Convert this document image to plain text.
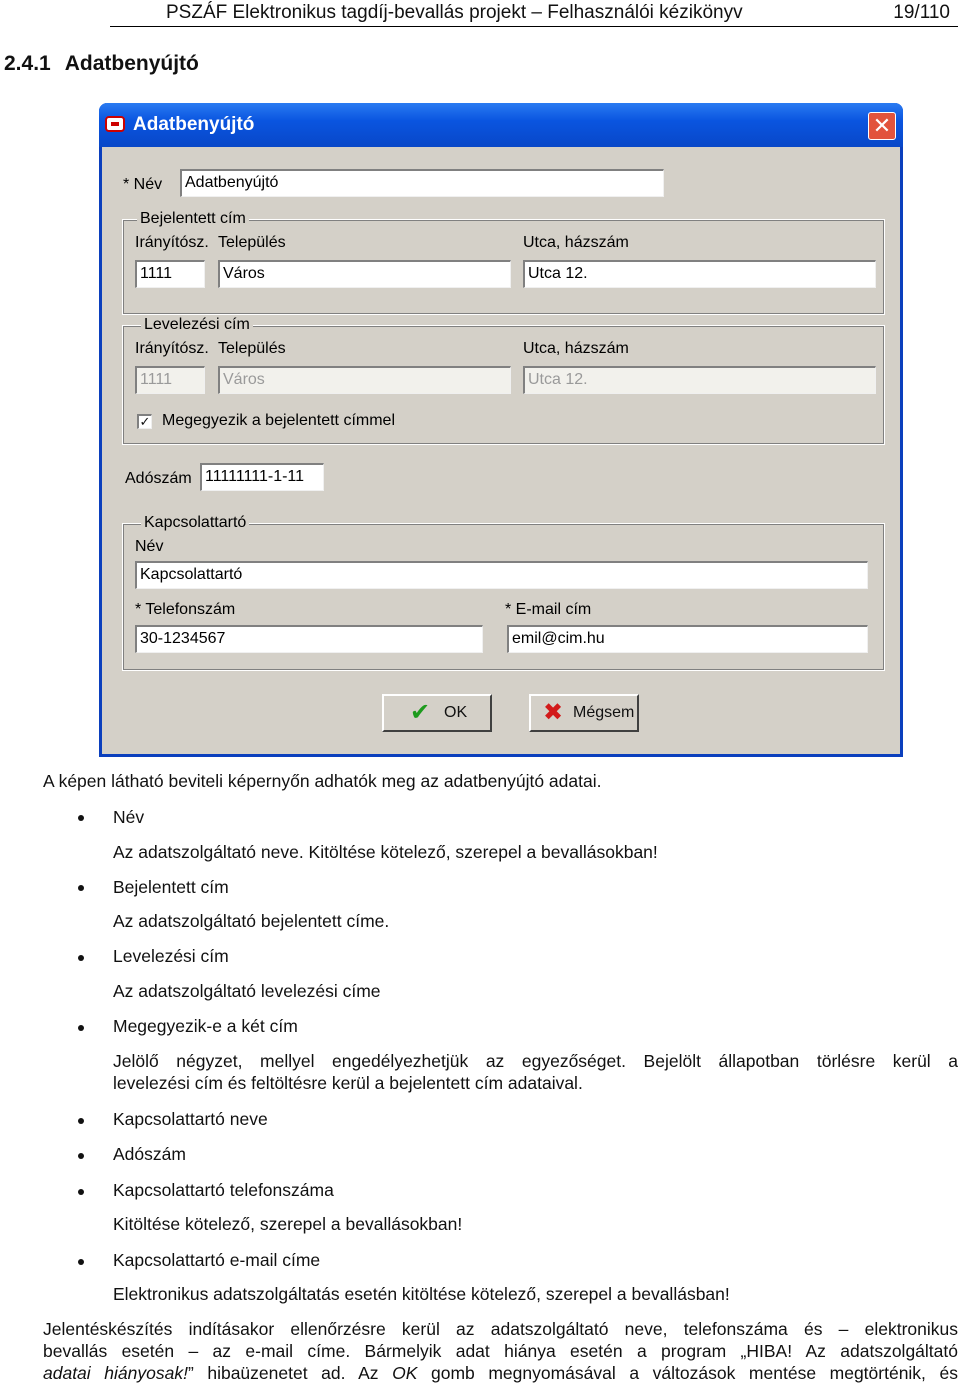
PSZÁF Elektronikus tagdíj-bevallás projekt – Felhasználói kézikönyv	19/110
2.4.1 Adatbenyújtó
Adatbenyújtó	✕
* Név	Adatbenyújtó
Bejelentett cím
Irányítósz. Település	Utca, házszám
1111	Város	Utca 12.
Levelezési cím
Irányítósz. Település	Utca, házszám
1111	Város	Utca 12.
✓ Megegyezik a bejelentett címmel
Adószám 11111111-1-11
Kapcsolattartó
Név
Kapcsolattartó
* Telefonszám	* E-mail cím
30-1234567	emil@cim.hu
✔ OK	✖ Mégsem
A képen látható beviteli képernyőn adhatók meg az adatbenyújtó adatai.
Név
Az adatszolgáltató neve. Kitöltése kötelező, szerepel a bevallásokban!
Bejelentett cím
Az adatszolgáltató bejelentett címe.
Levelezési cím
Az adatszolgáltató levelezési címe
Megegyezik-e a két cím
Jelölő négyzet, mellyel engedélyezhetjük az egyezőséget. Bejelölt állapotban törlésre kerül a
levelezési cím és feltöltésre kerül a bejelentett cím adataival.
Kapcsolattartó neve
Adószám
Kapcsolattartó telefonszáma
Kitöltése kötelező, szerepel a bevallásokban!
Kapcsolattartó e-mail címe
Elektronikus adatszolgáltatás esetén kitöltése kötelező, szerepel a bevallásban!
Jelentéskészítés indításakor ellenőrzésre kerül az adatszolgáltató neve, telefonszáma és – elektronikus
bevallás esetén – az e-mail címe. Bármelyik adat hiánya esetén a program „HIBA! Az adatszolgáltató
adatai hiányosak!” hibaüzenetet ad. Az OK gomb megnyomásával a változások mentése megtörténik, és
